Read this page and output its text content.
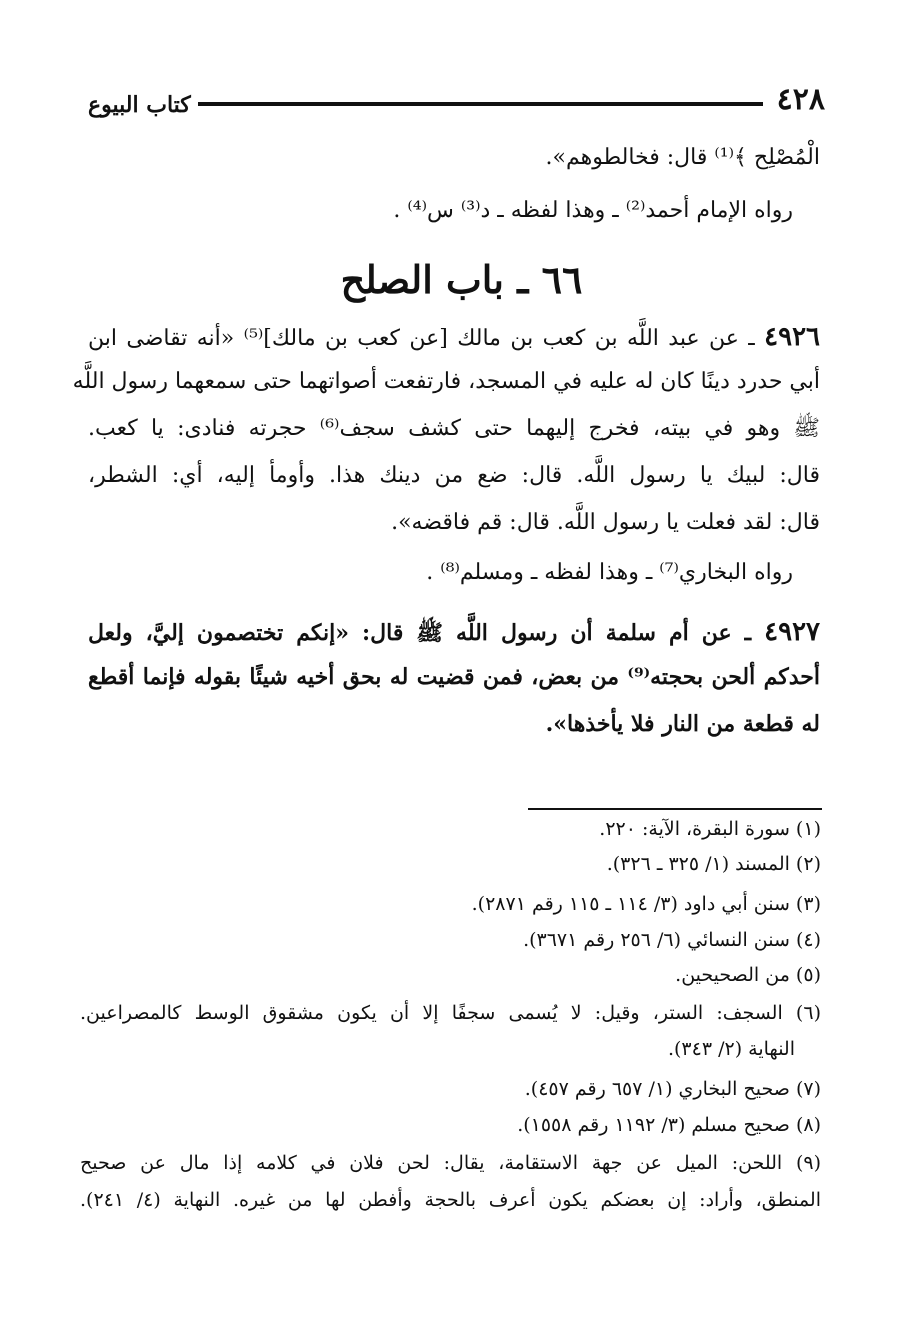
٤٢٨
كتاب البيوع
الْمُصْلِح ﴾⁽¹⁾ قال: فخالطوهم».
رواه الإمام أحمد⁽²⁾ ـ وهذا لفظه ـ د⁽³⁾ س⁽⁴⁾ .
٦٦ ـ باب الصلح
٤٩٢٦ ـ عن عبد اللَّه بن كعب بن مالك [عن كعب بن مالك]⁽⁵⁾ «أنه تقاضى ابن
أبي حدرد دينًا كان له عليه في المسجد، فارتفعت أصواتهما حتى سمعهما رسول اللَّه
ﷺ وهو في بيته، فخرج إليهما حتى كشف سجف⁽⁶⁾ حجرته فنادى: يا كعب.
قال: لبيك يا رسول اللَّه. قال: ضع من دينك هذا. وأومأ إليه، أي: الشطر،
قال: لقد فعلت يا رسول اللَّه. قال: قم فاقضه».
رواه البخاري⁽⁷⁾ ـ وهذا لفظه ـ ومسلم⁽⁸⁾ .
٤٩٢٧ ـ عن أم سلمة أن رسول اللَّه ﷺ قال: «إنكم تختصمون إليَّ، ولعل
أحدكم ألحن بحجته⁽⁹⁾ من بعض، فمن قضيت له بحق أخيه شيئًا بقوله فإنما أقطع
له قطعة من النار فلا يأخذها».
(١) سورة البقرة، الآية: ٢٢٠.
(٢) المسند (١/ ٣٢٥ ـ ٣٢٦).
(٣) سنن أبي داود (٣/ ١١٤ ـ ١١٥ رقم ٢٨٧١).
(٤) سنن النسائي (٦/ ٢٥٦ رقم ٣٦٧١).
(٥) من الصحيحين.
(٦) السجف: الستر، وقيل: لا يُسمى سجفًا إلا أن يكون مشقوق الوسط كالمصراعين.
النهاية (٢/ ٣٤٣).
(٧) صحيح البخاري (١/ ٦٥٧ رقم ٤٥٧).
(٨) صحيح مسلم (٣/ ١١٩٢ رقم ١٥٥٨).
(٩) اللحن: الميل عن جهة الاستقامة، يقال: لحن فلان في كلامه إذا مال عن صحيح
المنطق، وأراد: إن بعضكم يكون أعرف بالحجة وأفطن لها من غيره. النهاية (٤/ ٢٤١).
